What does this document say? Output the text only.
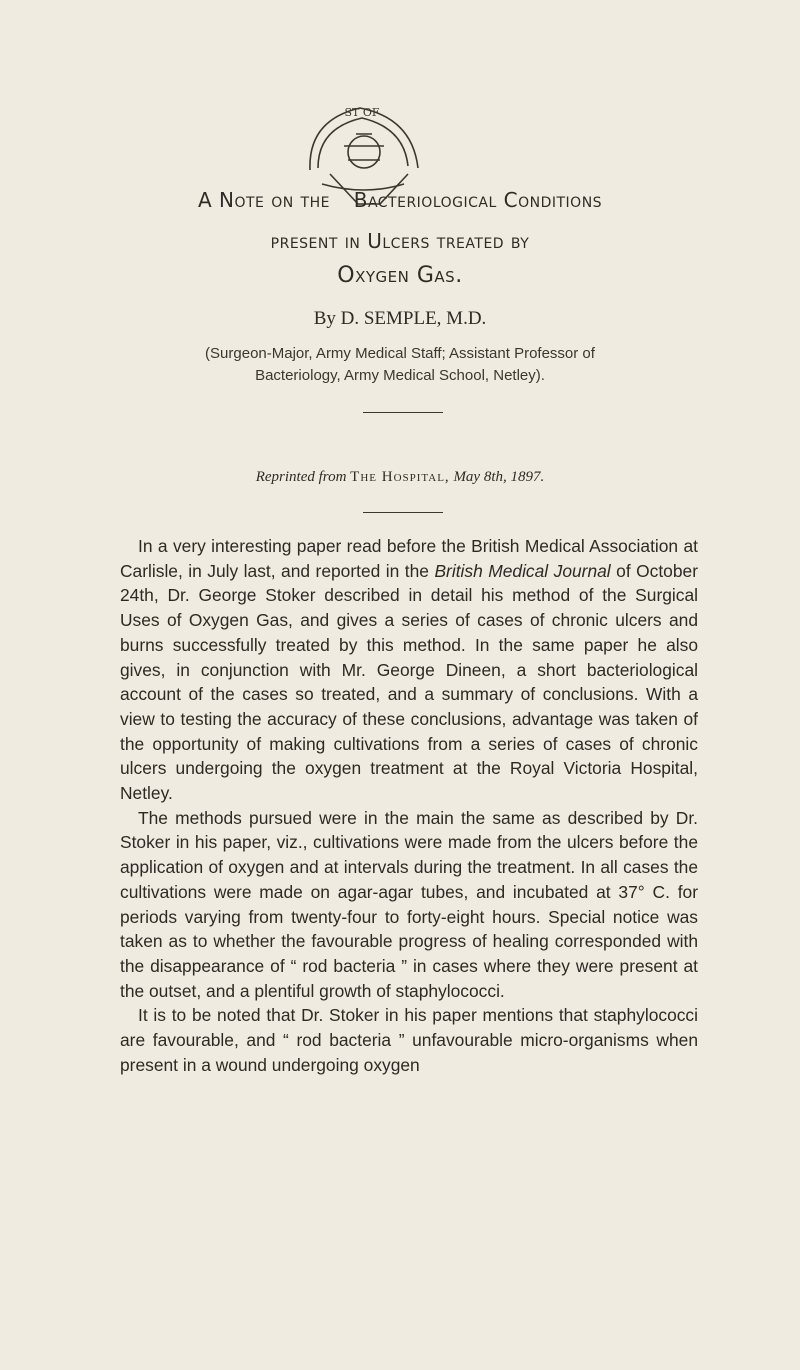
ST OF
A Note on the Bacteriological Conditions
present in Ulcers treated by
Oxygen Gas.
By D. SEMPLE, M.D.
(Surgeon-Major, Army Medical Staff; Assistant Professor of
Bacteriology, Army Medical School, Netley).
Reprinted from The Hospital, May 8th, 1897.

In a very interesting paper read before the British Medical Association at Carlisle, in July last, and reported in the British Medical Journal of October 24th, Dr. George Stoker described in detail his method of the Surgical Uses of Oxygen Gas, and gives a series of cases of chronic ulcers and burns successfully treated by this method. In the same paper he also gives, in conjunction with Mr. George Dineen, a short bacteriological account of the cases so treated, and a summary of conclusions. With a view to testing the accuracy of these conclusions, advantage was taken of the opportunity of making cultivations from a series of cases of chronic ulcers undergoing the oxygen treatment at the Royal Victoria Hospital, Netley.

The methods pursued were in the main the same as described by Dr. Stoker in his paper, viz., cultivations were made from the ulcers before the application of oxygen and at intervals during the treatment. In all cases the cultivations were made on agar-agar tubes, and incubated at 37° C. for periods varying from twenty-four to forty-eight hours. Special notice was taken as to whether the favourable progress of healing corresponded with the disappearance of “ rod bacteria ” in cases where they were present at the outset, and a plentiful growth of staphylococci.

It is to be noted that Dr. Stoker in his paper mentions that staphylococci are favourable, and “ rod bacteria ” unfavourable micro-organisms when present in a wound undergoing oxygen
